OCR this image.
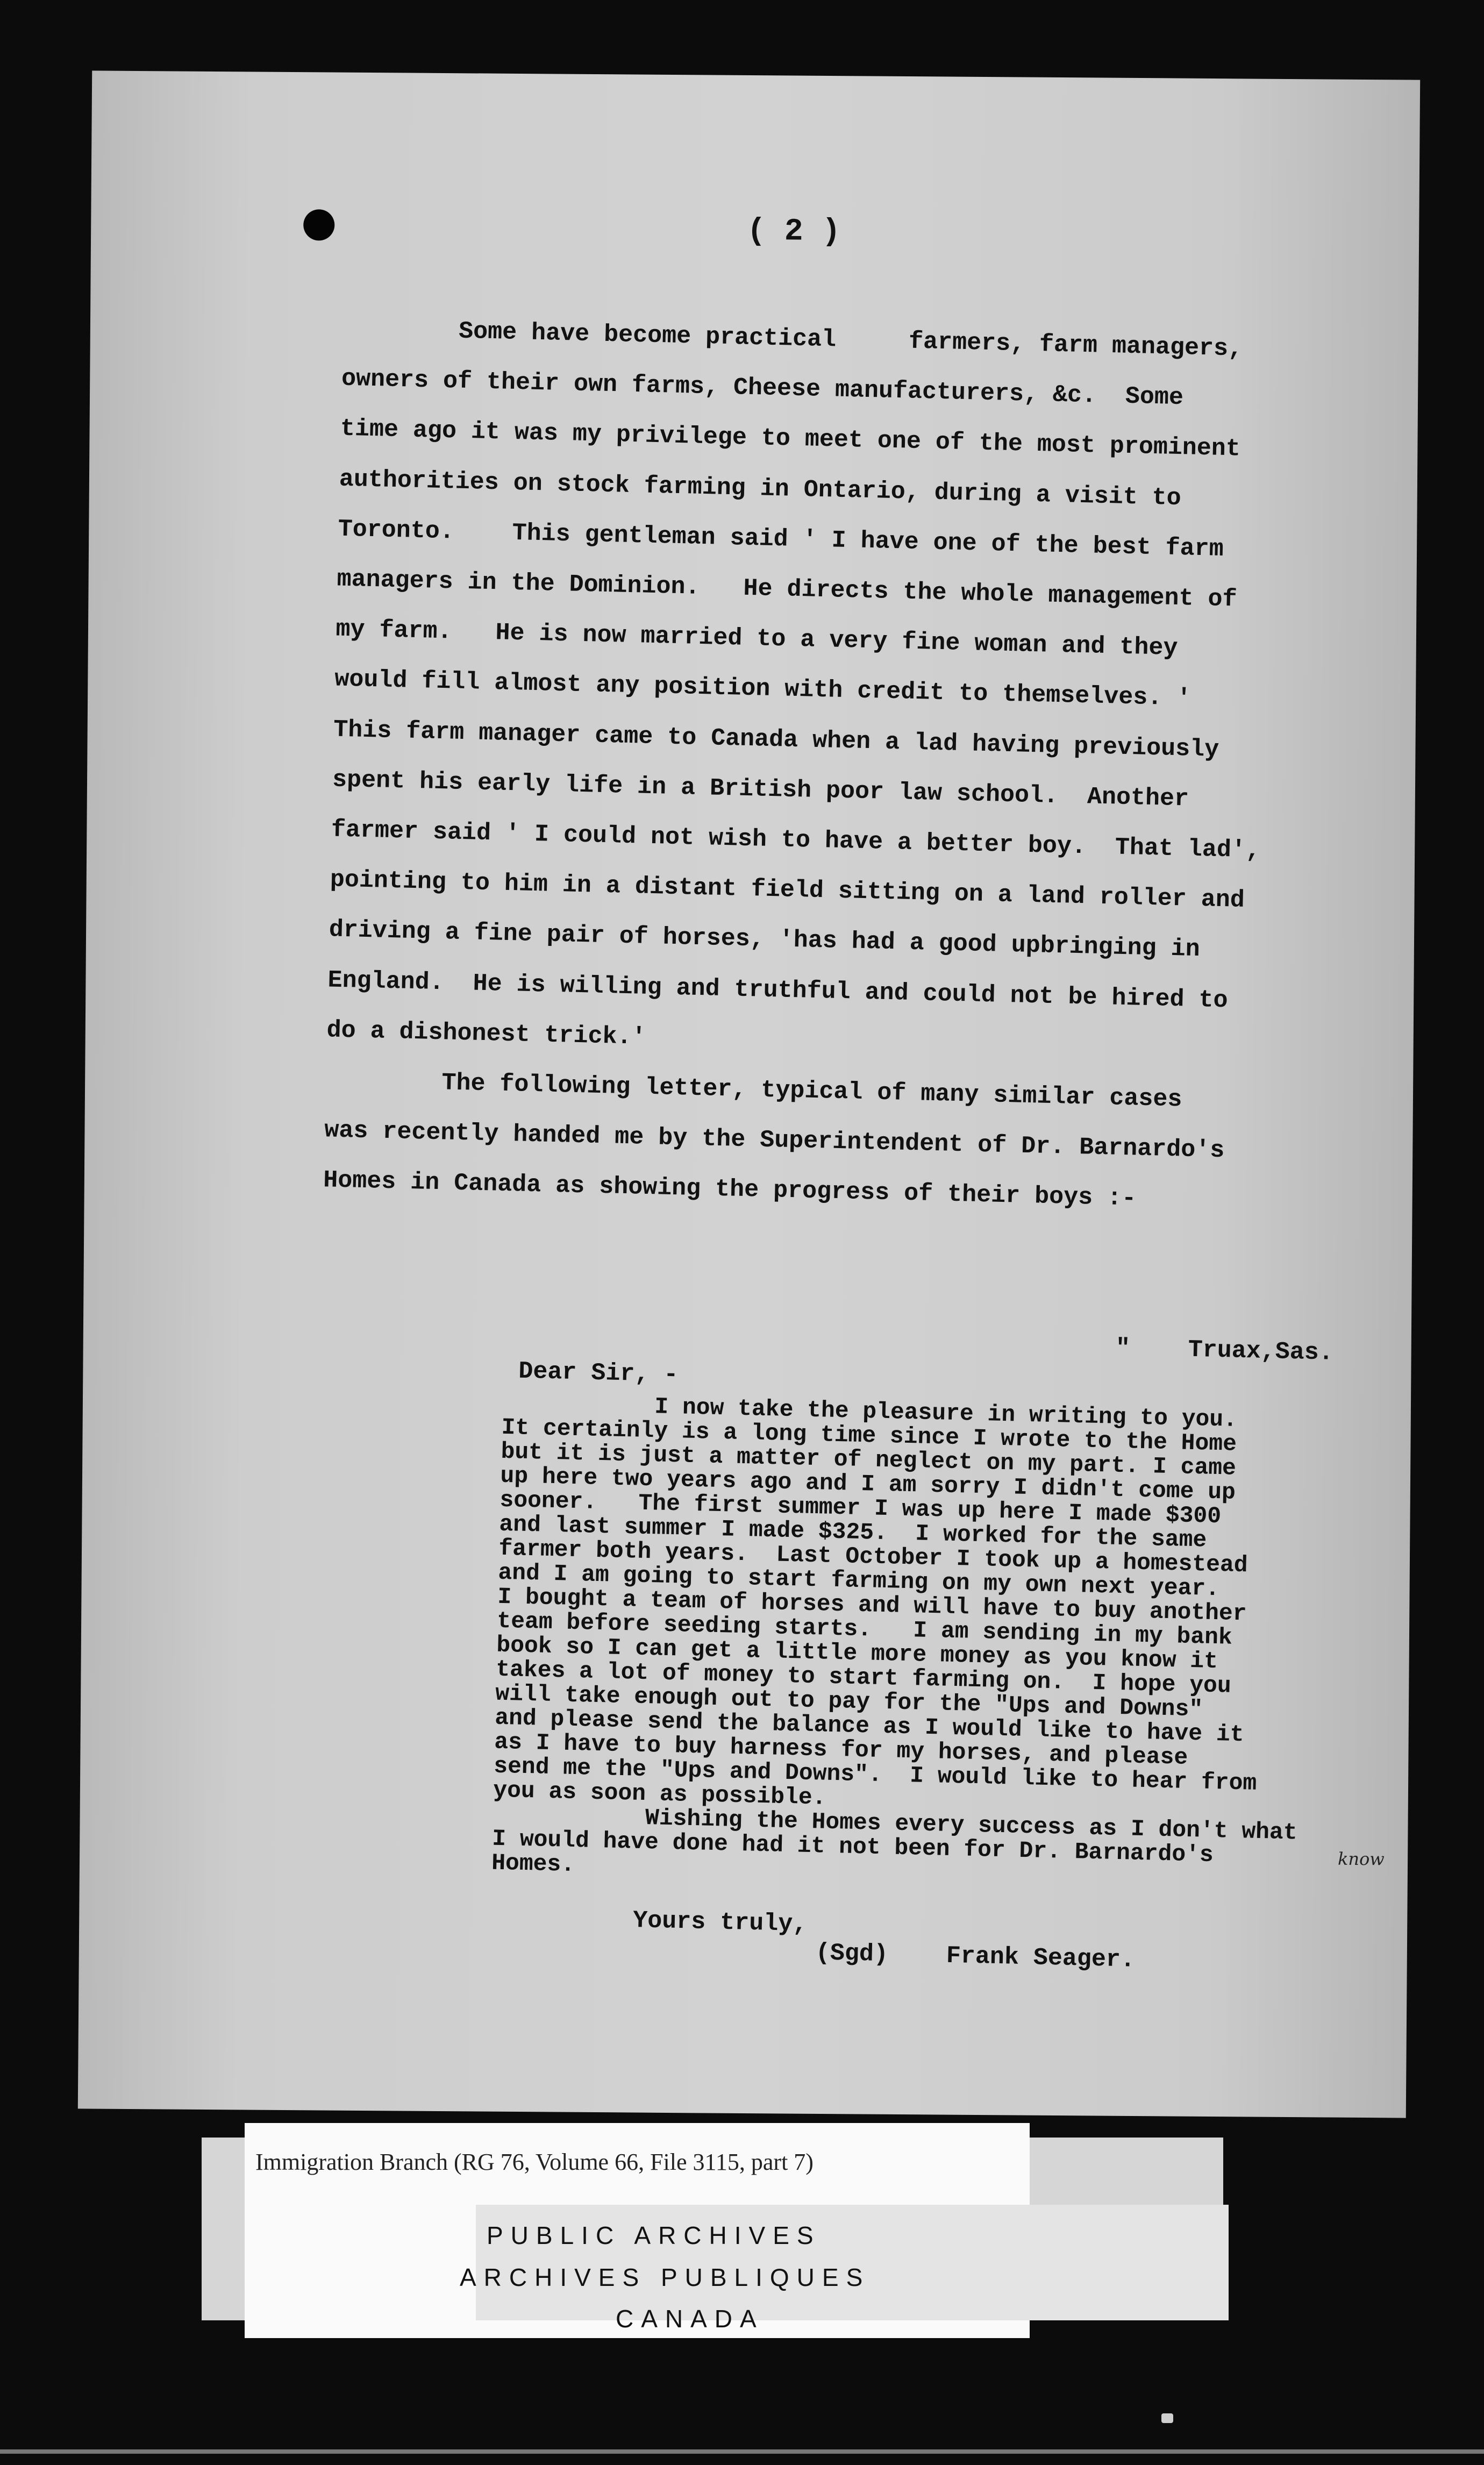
( 2 )
Some have become practical     farmers, farm managers,
owners of their own farms, Cheese manufacturers, &c.  Some
time ago it was my privilege to meet one of the most prominent
authorities on stock farming in Ontario, during a visit to
Toronto.    This gentleman said ' I have one of the best farm
managers in the Dominion.   He directs the whole management of
my farm.   He is now married to a very fine woman and they
would fill almost any position with credit to themselves. '
This farm manager came to Canada when a lad having previously
spent his early life in a British poor law school.  Another
farmer said ' I could not wish to have a better boy.  That lad',
pointing to him in a distant field sitting on a land roller and
driving a fine pair of horses, 'has had a good upbringing in
England.  He is willing and truthful and could not be hired to
do a dishonest trick.'
The following letter, typical of many similar cases
was recently handed me by the Superintendent of Dr. Barnardo's
Homes in Canada as showing the progress of their boys :-
"    Truax,Sas.
Dear Sir, -
I now take the pleasure in writing to you.
It certainly is a long time since I wrote to the Home
but it is just a matter of neglect on my part. I came
up here two years ago and I am sorry I didn't come up
sooner.   The first summer I was up here I made $300
and last summer I made $325.  I worked for the same
farmer both years.  Last October I took up a homestead
and I am going to start farming on my own next year.
I bought a team of horses and will have to buy another
team before seeding starts.   I am sending in my bank
book so I can get a little more money as you know it
takes a lot of money to start farming on.  I hope you
will take enough out to pay for the "Ups and Downs"
and please send the balance as I would like to have it
as I have to buy harness for my horses, and please
send me the "Ups and Downs".  I would like to hear from
you as soon as possible.
Wishing the Homes every success as I don't what
I would have done had it not been for Dr. Barnardo's
Homes.	know
Yours truly,
(Sgd)    Frank Seager.
Immigration Branch (RG 76, Volume 66, File 3115, part 7)
PUBLIC ARCHIVES
ARCHIVES PUBLIQUES
CANADA
